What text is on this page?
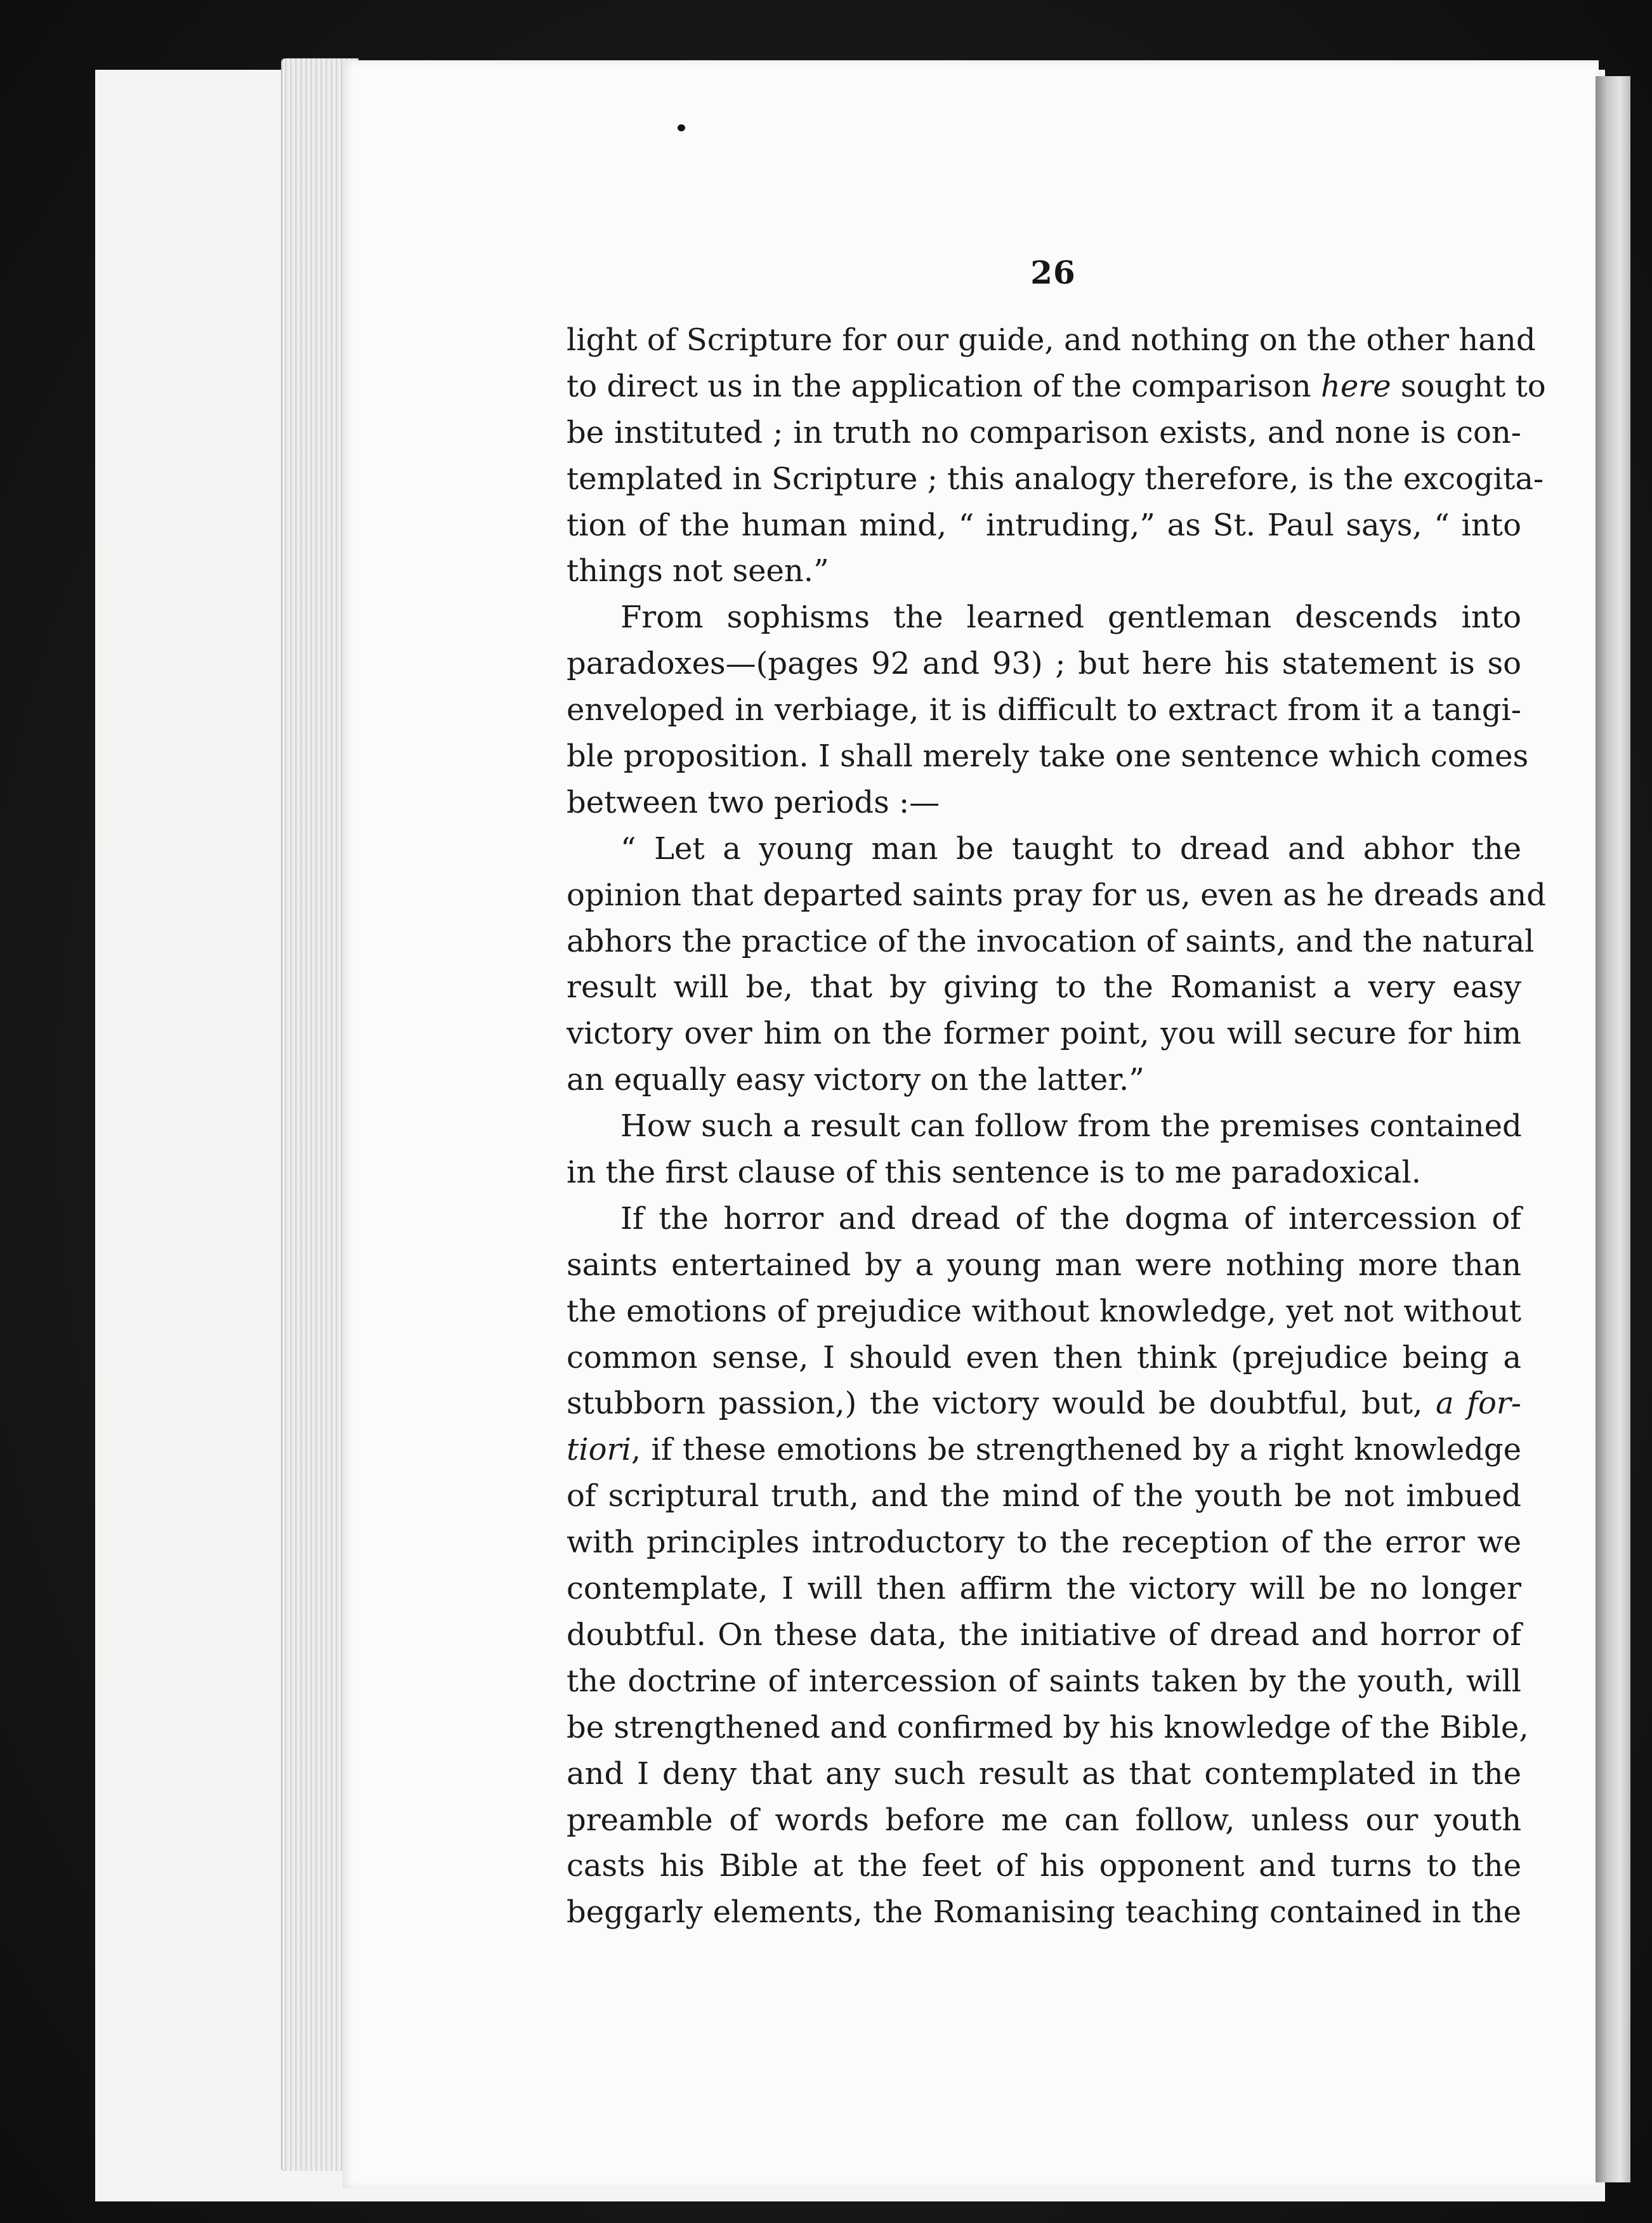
26
light of Scripture for our guide, and nothing on the other hand
to direct us in the application of the comparison here sought to
be instituted ; in truth no comparison exists, and none is con-
templated in Scripture ; this analogy therefore, is the excogita-
tion of the human mind, “ intruding,” as St. Paul says, “ into
things not seen.”
From sophisms the learned gentleman descends into
paradoxes—(pages 92 and 93) ; but here his statement is so
enveloped in verbiage, it is difficult to extract from it a tangi-
ble proposition. I shall merely take one sentence which comes
between two periods :—
“ Let a young man be taught to dread and abhor the
opinion that departed saints pray for us, even as he dreads and
abhors the practice of the invocation of saints, and the natural
result will be, that by giving to the Romanist a very easy
victory over him on the former point, you will secure for him
an equally easy victory on the latter.”
How such a result can follow from the premises contained
in the first clause of this sentence is to me paradoxical.
If the horror and dread of the dogma of intercession of
saints entertained by a young man were nothing more than
the emotions of prejudice without knowledge, yet not without
common sense, I should even then think (prejudice being a
stubborn passion,) the victory would be doubtful, but, a for-
tiori, if these emotions be strengthened by a right knowledge
of scriptural truth, and the mind of the youth be not imbued
with principles introductory to the reception of the error we
contemplate, I will then affirm the victory will be no longer
doubtful. On these data, the initiative of dread and horror of
the doctrine of intercession of saints taken by the youth, will
be strengthened and confirmed by his knowledge of the Bible,
and I deny that any such result as that contemplated in the
preamble of words before me can follow, unless our youth
casts his Bible at the feet of his opponent and turns to the
beggarly elements, the Romanising teaching contained in the
